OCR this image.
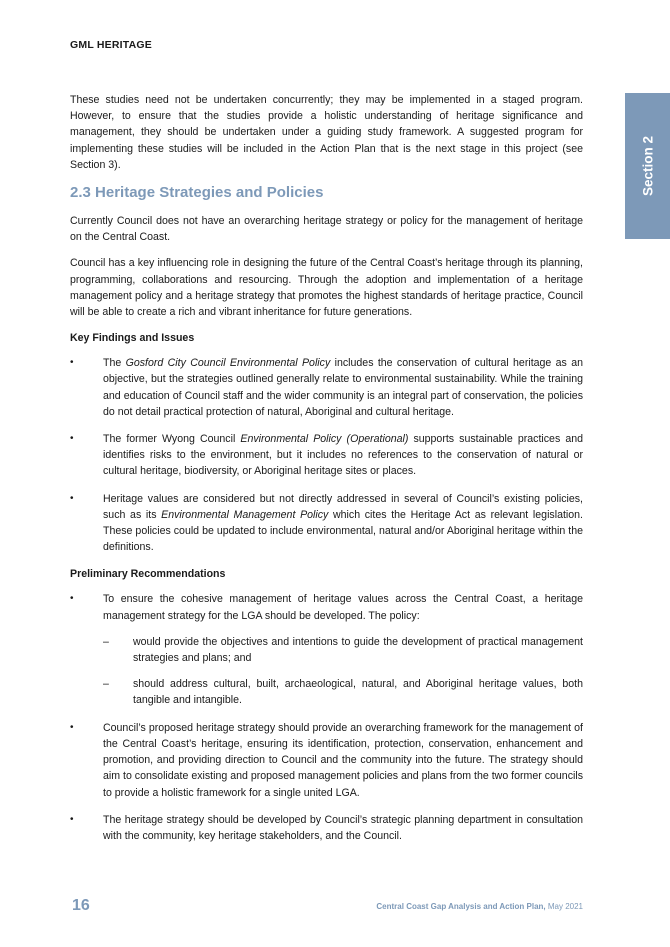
GML HERITAGE
Section 2

These studies need not be undertaken concurrently; they may be implemented in a staged program. However, to ensure that the studies provide a holistic understanding of heritage significance and management, they should be undertaken under a guiding study framework. A suggested program for implementing these studies will be included in the Action Plan that is the next stage in this project (see Section 3).

2.3 Heritage Strategies and Policies

Currently Council does not have an overarching heritage strategy or policy for the management of heritage on the Central Coast.

Council has a key influencing role in designing the future of the Central Coast’s heritage through its planning, programming, collaborations and resourcing. Through the adoption and implementation of a heritage management policy and a heritage strategy that promotes the highest standards of heritage practice, Council will be able to create a rich and vibrant inheritance for future generations.

Key Findings and Issues
• The Gosford City Council Environmental Policy includes the conservation of cultural heritage as an objective, but the strategies outlined generally relate to environmental sustainability. While the training and education of Council staff and the wider community is an integral part of conservation, the policies do not detail practical protection of natural, Aboriginal and cultural heritage.
• The former Wyong Council Environmental Policy (Operational) supports sustainable practices and identifies risks to the environment, but it includes no references to the conservation of natural or cultural heritage, biodiversity, or Aboriginal heritage sites or places.
• Heritage values are considered but not directly addressed in several of Council’s existing policies, such as its Environmental Management Policy which cites the Heritage Act as relevant legislation. These policies could be updated to include environmental, natural and/or Aboriginal heritage within the definitions.
Preliminary Recommendations
• To ensure the cohesive management of heritage values across the Central Coast, a heritage management strategy for the LGA should be developed. The policy:
– would provide the objectives and intentions to guide the development of practical management strategies and plans; and
– should address cultural, built, archaeological, natural, and Aboriginal heritage values, both tangible and intangible.
• Council’s proposed heritage strategy should provide an overarching framework for the management of the Central Coast’s heritage, ensuring its identification, protection, conservation, enhancement and promotion, and providing direction to Council and the community into the future. The strategy should aim to consolidate existing and proposed management policies and plans from the two former councils to provide a holistic framework for a single united LGA.
• The heritage strategy should be developed by Council’s strategic planning department in consultation with the community, key heritage stakeholders, and the Council.
16	Central Coast Gap Analysis and Action Plan, May 2021
